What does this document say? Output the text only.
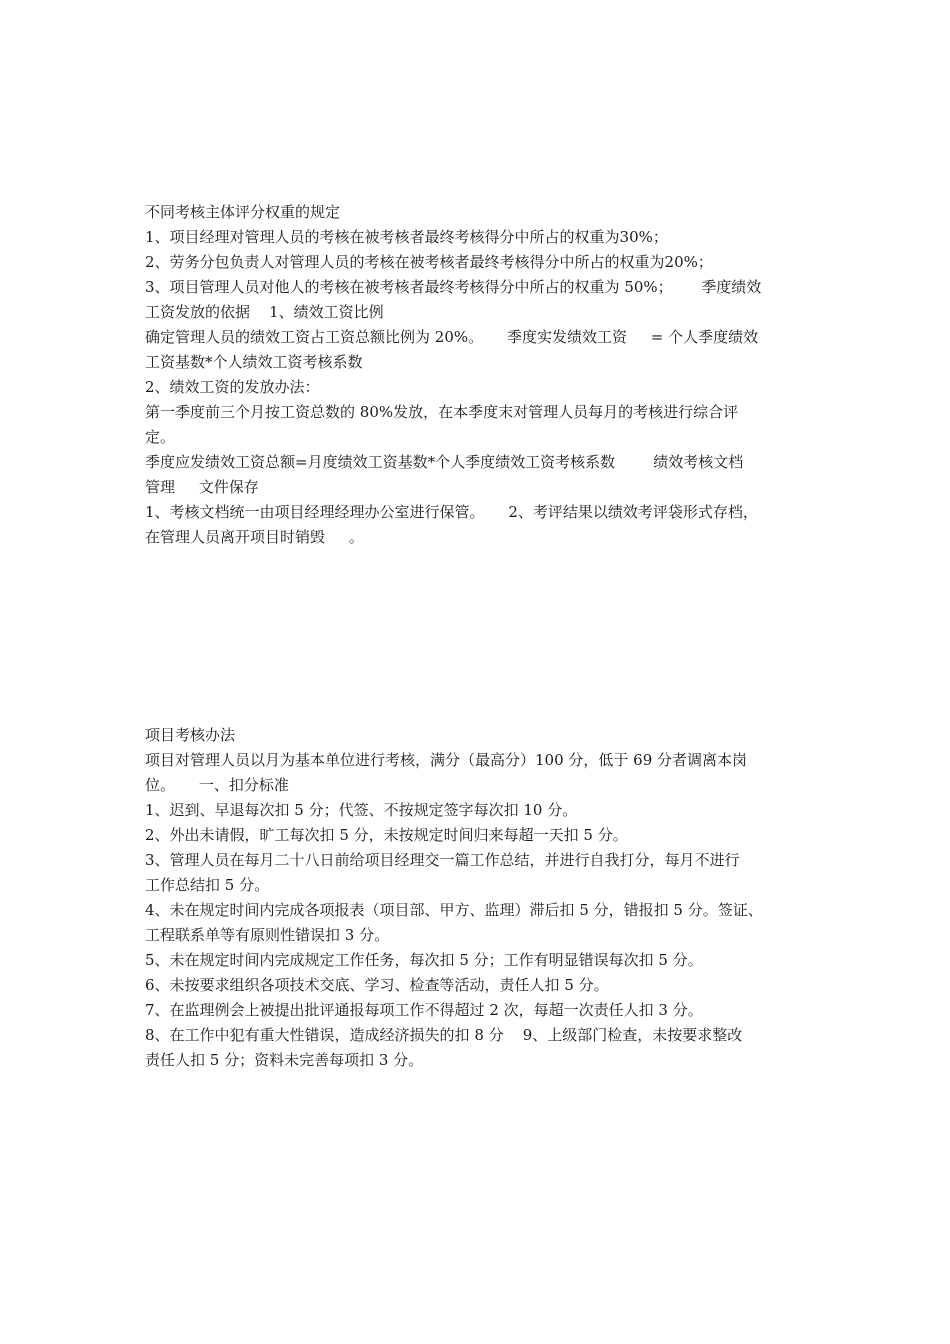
不同考核主体评分权重的规定

1、项目经理对管理人员的考核在被考核者最终考核得分中所占的权重为30%；

2、劳务分包负责人对管理人员的考核在被考核者最终考核得分中所占的权重为20%；

3、项目管理人员对他人的考核在被考核者最终考核得分中所占的权重为 50%；      季度绩效

工资发放的依据    1、绩效工资比例

确定管理人员的绩效工资占工资总额比例为 20%。     季度实发绩效工资     = 个人季度绩效

工资基数*个人绩效工资考核系数

2、绩效工资的发放办法：

第一季度前三个月按工资总数的 80%发放，在本季度末对管理人员每月的考核进行综合评

定。

季度应发绩效工资总额=月度绩效工资基数*个人季度绩效工资考核系数        绩效考核文档

管理     文件保存

1、考核文档统一由项目经理经理办公室进行保管。     2、考评结果以绩效考评袋形式存档，

在管理人员离开项目时销毁     。

项目考核办法

项目对管理人员以月为基本单位进行考核，满分（最高分）100 分，低于 69 分者调离本岗

位。     一、扣分标准

1、迟到、早退每次扣 5 分；代签、不按规定签字每次扣 10 分。

2、外出未请假，旷工每次扣 5 分，未按规定时间归来每超一天扣 5 分。

3、管理人员在每月二十八日前给项目经理交一篇工作总结，并进行自我打分，每月不进行

工作总结扣 5 分。

4、未在规定时间内完成各项报表（项目部、甲方、监理）滞后扣 5 分，错报扣 5 分。签证、

工程联系单等有原则性错误扣 3 分。

5、未在规定时间内完成规定工作任务，每次扣 5 分；工作有明显错误每次扣 5 分。

6、未按要求组织各项技术交底、学习、检查等活动，责任人扣 5 分。

7、在监理例会上被提出批评通报每项工作不得超过 2 次，每超一次责任人扣 3 分。

8、在工作中犯有重大性错误，造成经济损失的扣 8 分    9、上级部门检查，未按要求整改

责任人扣 5 分；资料未完善每项扣 3 分。
